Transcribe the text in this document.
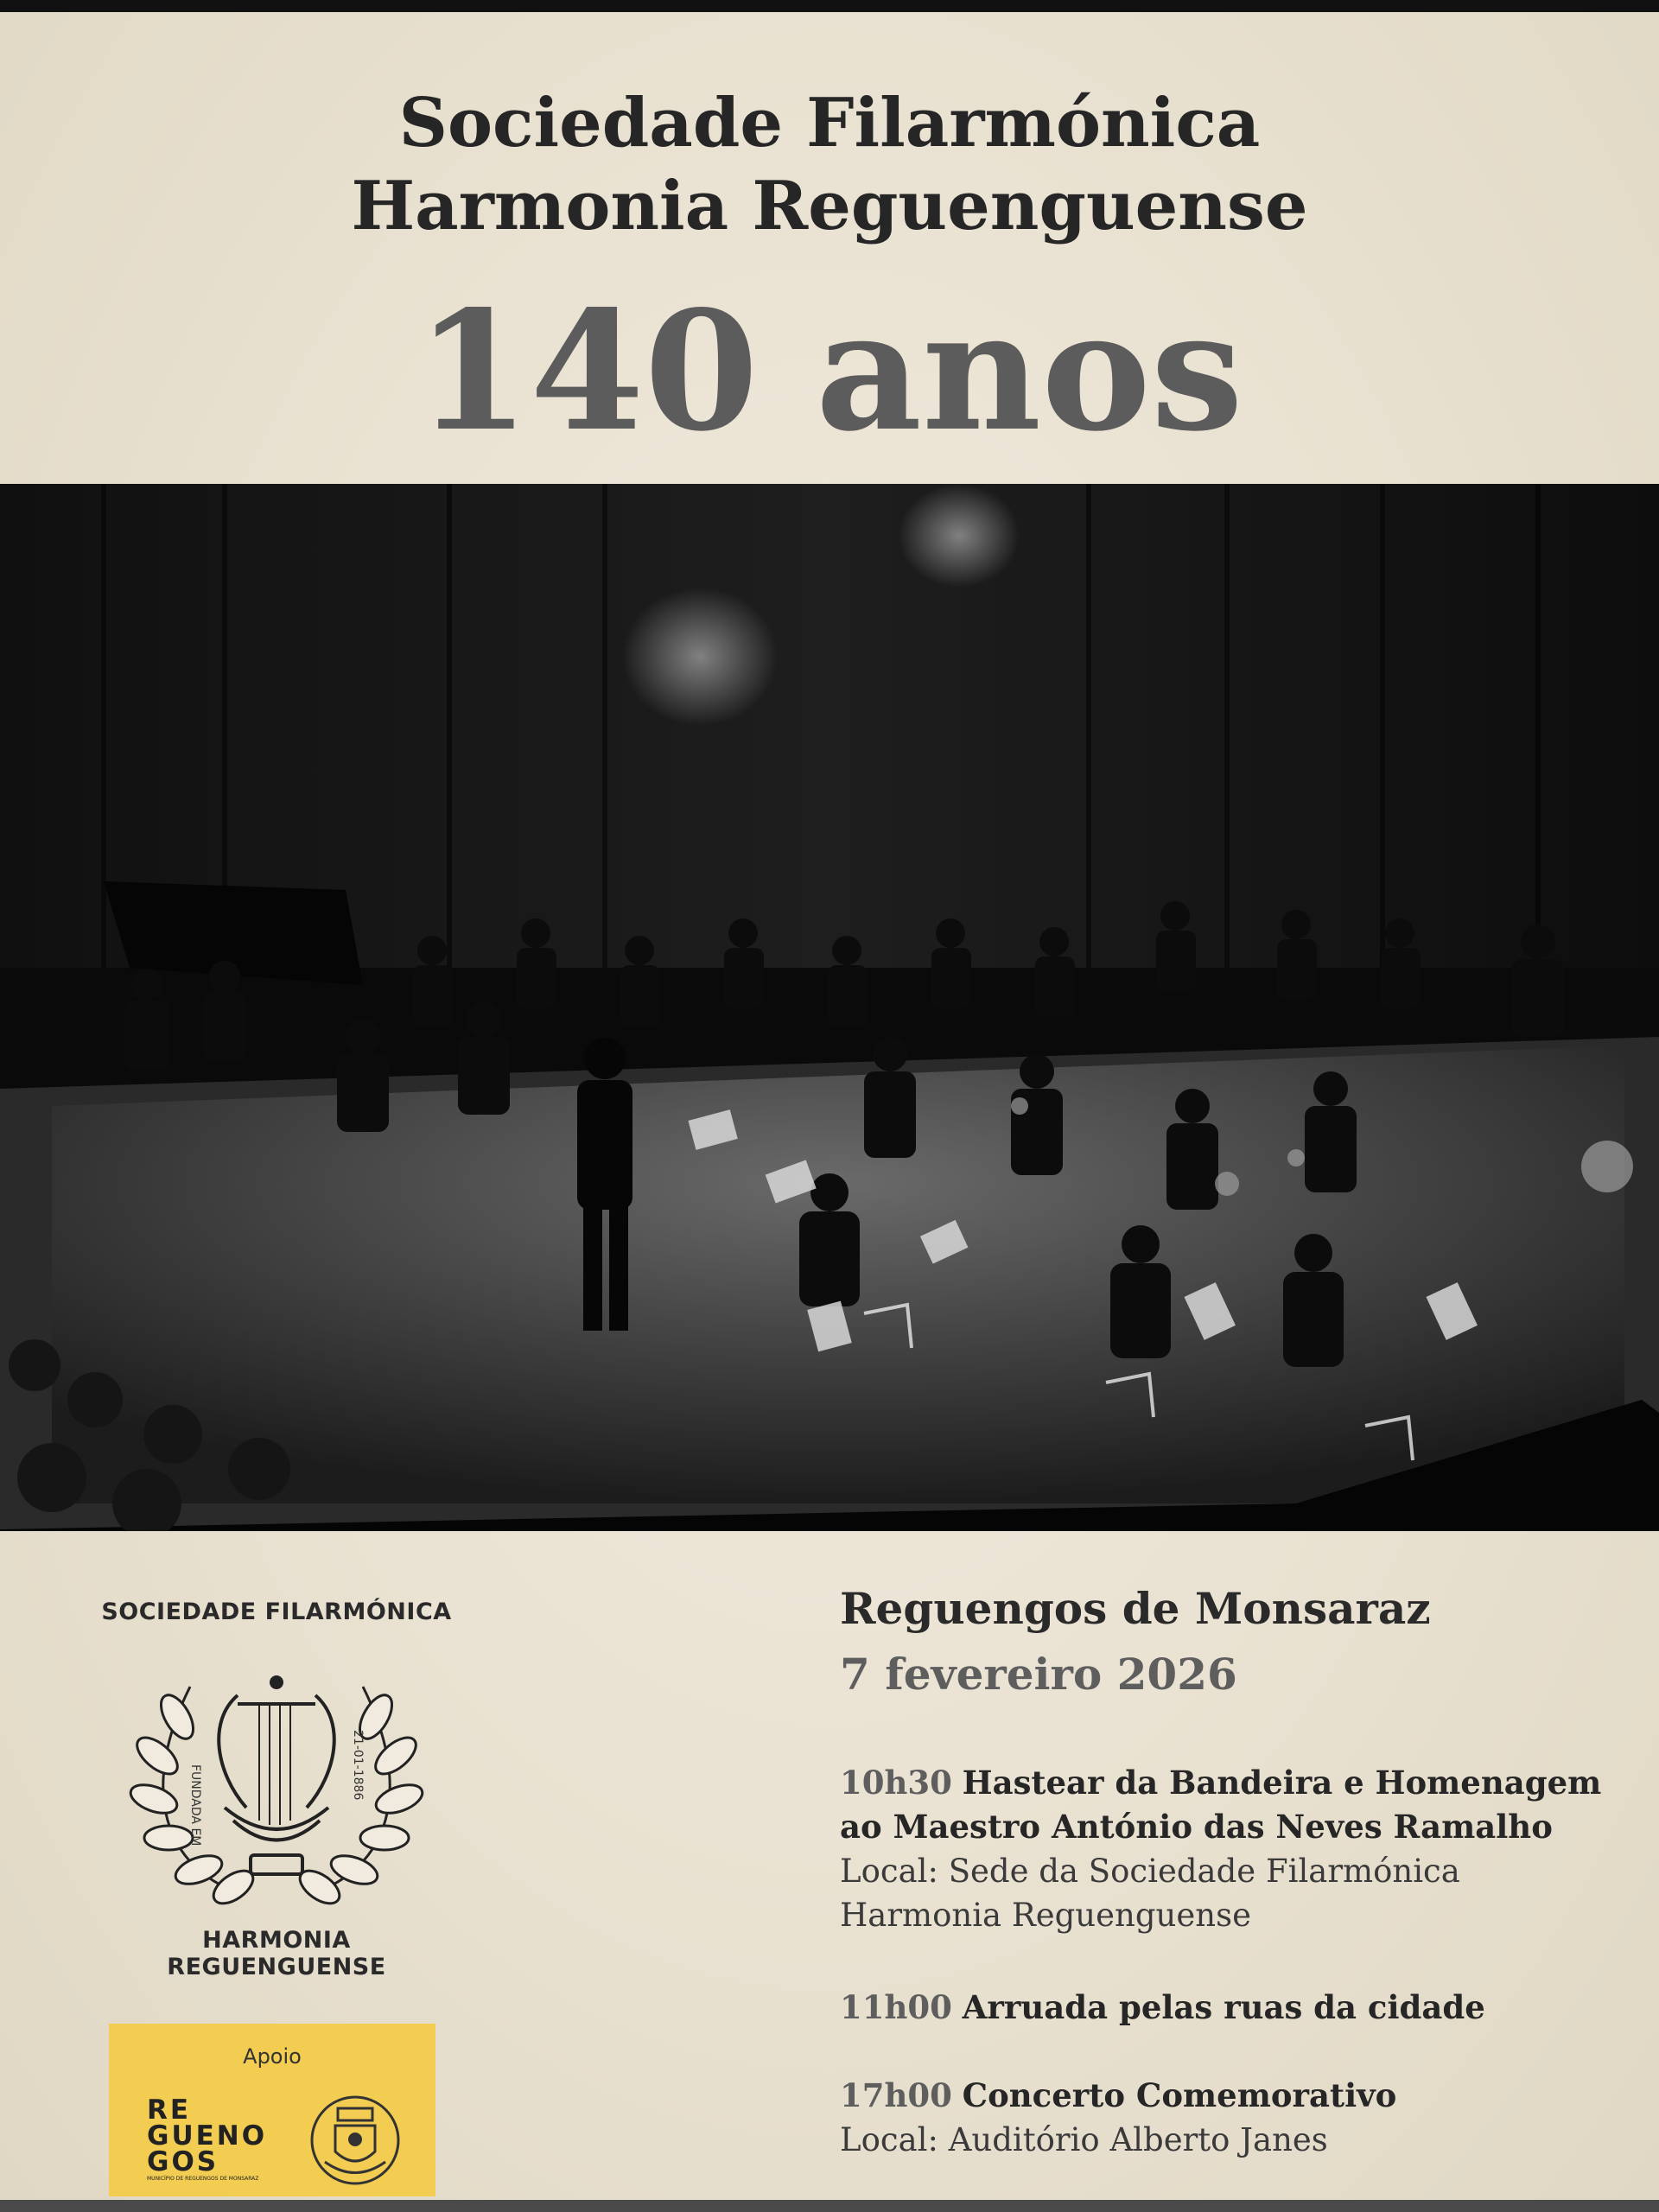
Sociedade Filarmónica
Harmonia Reguenguense
140 anos
SOCIEDADE FILARMÓNICA
FUNDADA EM	21-01-1886
HARMONIA REGUENGUENSE
Apoio
RE
GUENO
GOS
MUNICÍPIO DE REGUENGOS DE MONSARAZ
Reguengos de Monsaraz
7 fevereiro 2026
10h30 Hastear da Bandeira e Homenagem
ao Maestro António das Neves Ramalho
Local: Sede da Sociedade Filarmónica
Harmonia Reguenguense
11h00 Arruada pelas ruas da cidade
17h00 Concerto Comemorativo
Local: Auditório Alberto Janes
